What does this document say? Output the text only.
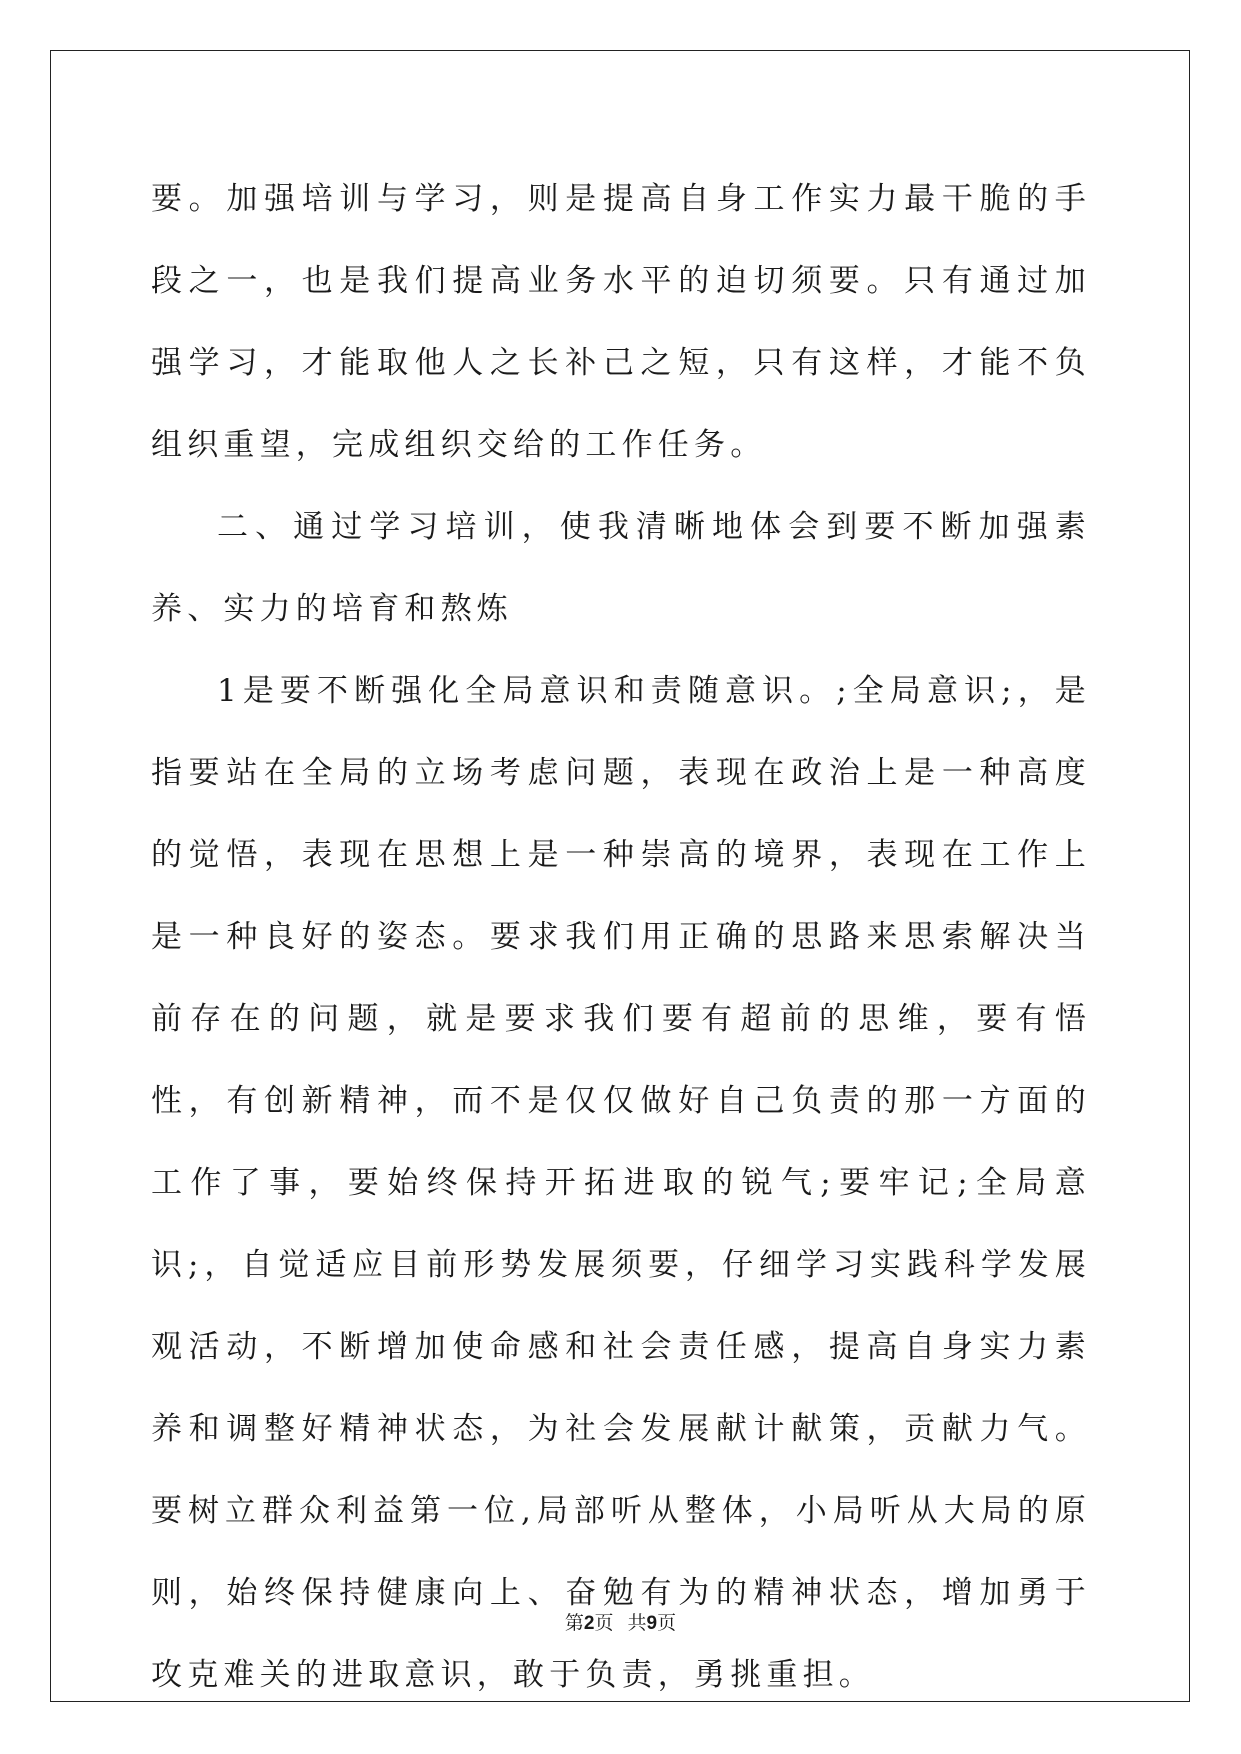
要。加强培训与学习，则是提高自身工作实力最干脆的手段之一，也是我们提高业务水平的迫切须要。只有通过加强学习，才能取他人之长补己之短，只有这样，才能不负组织重望，完成组织交给的工作任务。

二、通过学习培训，使我清晰地体会到要不断加强素养、实力的培育和熬炼

1是要不断强化全局意识和责随意识。;全局意识;，是指要站在全局的立场考虑问题，表现在政治上是一种高度的觉悟，表现在思想上是一种崇高的境界，表现在工作上是一种良好的姿态。要求我们用正确的思路来思索解决当前存在的问题，就是要求我们要有超前的思维，要有悟性，有创新精神，而不是仅仅做好自己负责的那一方面的工作了事，要始终保持开拓进取的锐气;要牢记;全局意识;，自觉适应目前形势发展须要，仔细学习实践科学发展观活动，不断增加使命感和社会责任感，提高自身实力素养和调整好精神状态，为社会发展献计献策，贡献力气。要树立群众利益第一位,局部听从整体，小局听从大局的原则，始终保持健康向上、奋勉有为的精神状态，增加勇于攻克难关的进取意识，敢于负责，勇挑重担。

第2页 共9页
